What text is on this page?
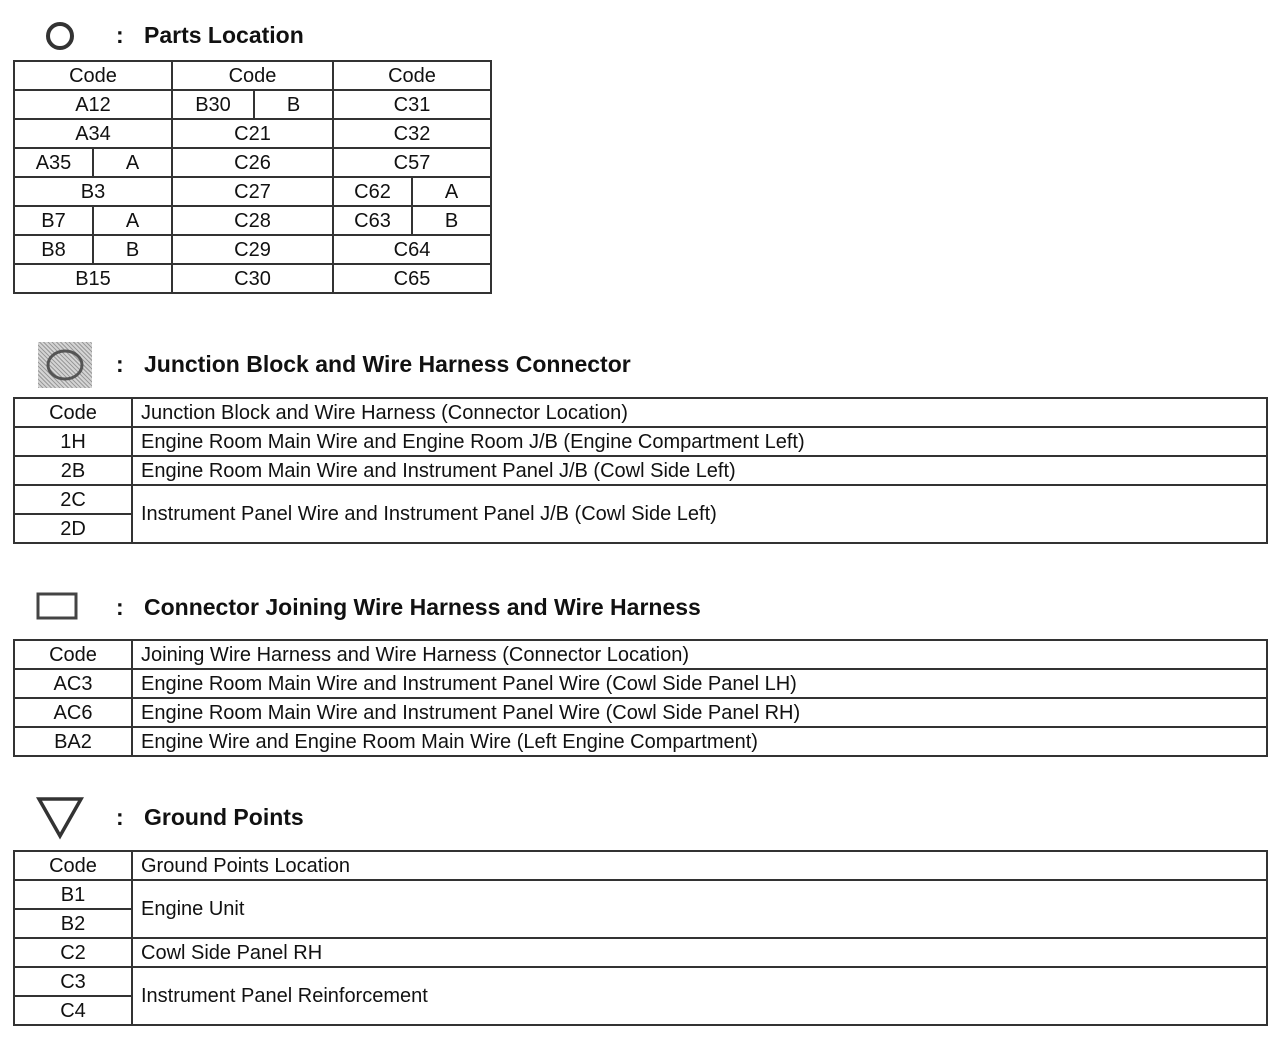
: Parts Location
Code		Code		Code	
A12		B30	B	C31	
A34		C21		C32	
A35	A	C26		C57	
B3		C27		C62	A
B7	A	C28		C63	B
B8	B	C29		C64	
B15		C30		C65	
: Junction Block and Wire Harness Connector
Code	Junction Block and Wire Harness (Connector Location)
1H	Engine Room Main Wire and Engine Room J/B (Engine Compartment Left)
2B	Engine Room Main Wire and Instrument Panel J/B (Cowl Side Left)
2C	Instrument Panel Wire and Instrument Panel J/B (Cowl Side Left)
2D	
: Connector Joining Wire Harness and Wire Harness
Code	Joining Wire Harness and Wire Harness (Connector Location)
AC3	Engine Room Main Wire and Instrument Panel Wire (Cowl Side Panel LH)
AC6	Engine Room Main Wire and Instrument Panel Wire (Cowl Side Panel RH)
BA2	Engine Wire and Engine Room Main Wire (Left Engine Compartment)
: Ground Points
Code	Ground Points Location
B1	Engine Unit
B2	
C2	Cowl Side Panel RH
C3	Instrument Panel Reinforcement
C4	
